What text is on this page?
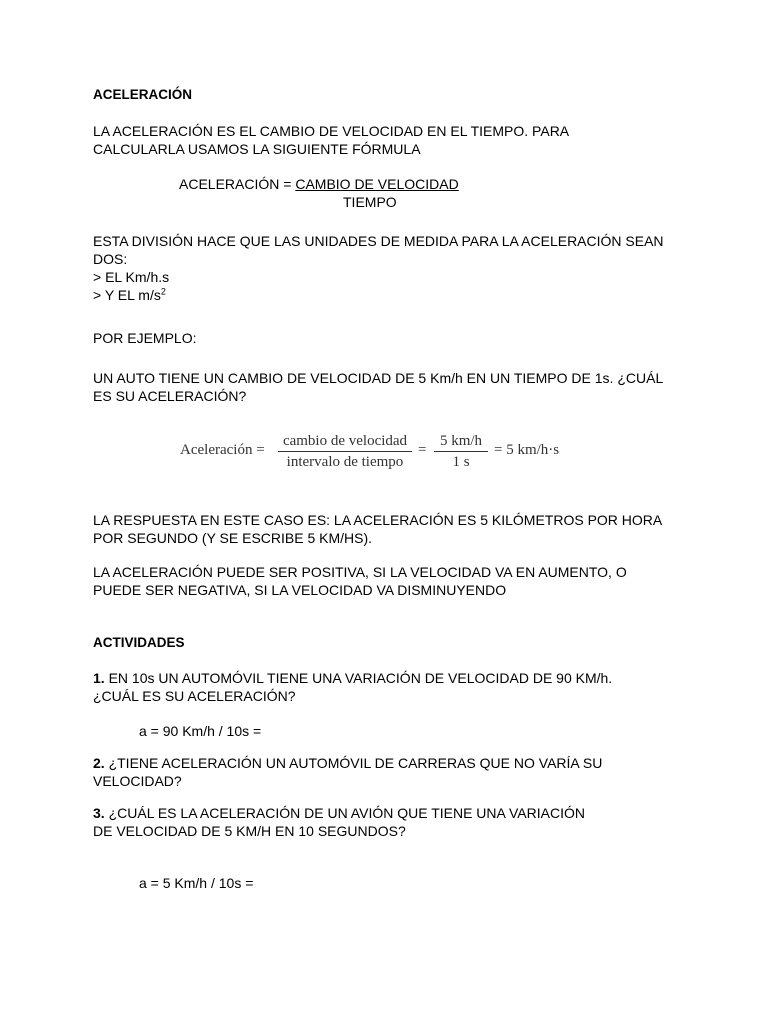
ACELERACIÓN

LA ACELERACIÓN ES EL CAMBIO DE VELOCIDAD EN EL TIEMPO. PARA
CALCULARLA USAMOS LA SIGUIENTE FÓRMULA

ACELERACIÓN = CAMBIO DE VELOCIDAD
TIEMPO

ESTA DIVISIÓN HACE QUE LAS UNIDADES DE MEDIDA PARA LA ACELERACIÓN SEAN
DOS:
> EL Km/h.s
> Y EL $m/s^2$

POR EJEMPLO:

UN AUTO TIENE UN CAMBIO DE VELOCIDAD DE 5 Km/h EN UN TIEMPO DE 1s. ¿CUÁL
ES SU ACELERACIÓN?

Aceleración =
cambio de velocidad
intervalo de tiempo
= $\frac{5 km/h}{1 s} = 5$ km/h·s

LA RESPUESTA EN ESTE CASO ES: LA ACELERACIÓN ES 5 KILÓMETROS POR HORA
POR SEGUNDO (Y SE ESCRIBE 5 KM/HS).

LA ACELERACIÓN PUEDE SER POSITIVA, SI LA VELOCIDAD VA EN AUMENTO, O
PUEDE SER NEGATIVA, SI LA VELOCIDAD VA DISMINUYENDO

ACTIVIDADES

1. EN 10s UN AUTOMÓVIL TIENE UNA VARIACIÓN DE VELOCIDAD DE 90 KM/h.
¿CUÁL ES SU ACELERACIÓN?

a = 90 Km/h / 10s =

2. ¿TIENE ACELERACIÓN UN AUTOMÓVIL DE CARRERAS QUE NO VARÍA SU
VELOCIDAD?

3. ¿CUÁL ES LA ACELERACIÓN DE UN AVIÓN QUE TIENE UNA VARIACIÓN
DE VELOCIDAD DE 5 KM/H EN 10 SEGUNDOS?

a = 5 Km/h / 10s =
